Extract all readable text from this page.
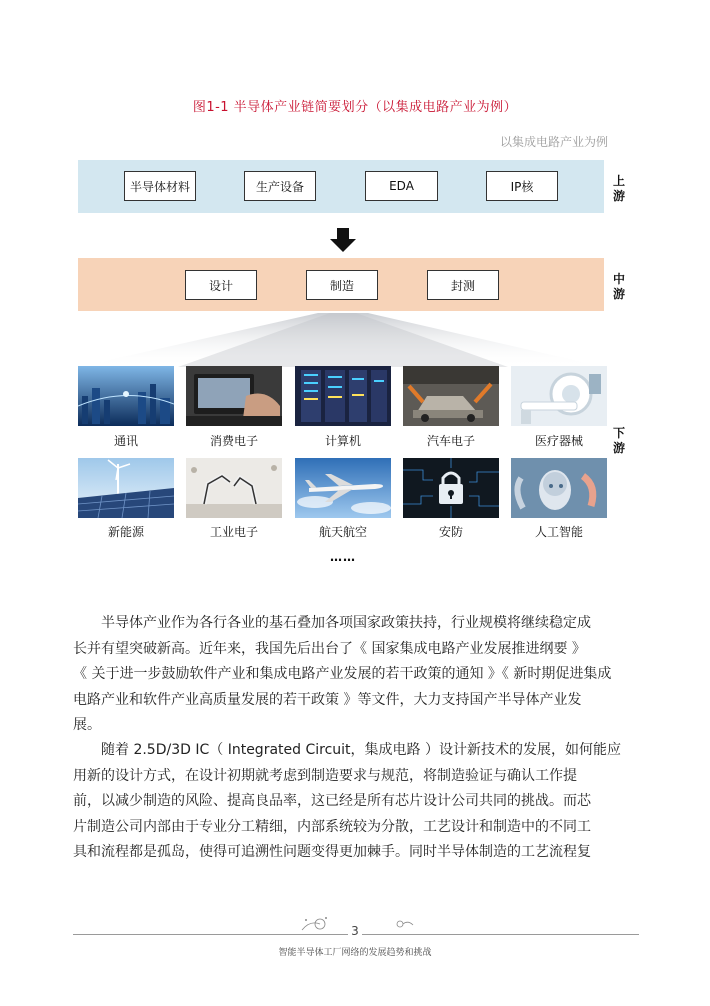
图1-1 半导体产业链简要划分（以集成电路产业为例）
以集成电路产业为例
半导体材料	生产设备	EDA	IP核	上游
设计	制造	封测	中游
通讯	消费电子	计算机	汽车电子	医疗器械
新能源	工业电子	航天航空	安防	人工智能
下游
……
半导体产业作为各行各业的基石叠加各项国家政策扶持，行业规模将继续稳定成
长并有望突破新高。近年来，我国先后出台了《 国家集成电路产业发展推进纲要 》
《 关于进一步鼓励软件产业和集成电路产业发展的若干政策的通知 》《 新时期促进集成
电路产业和软件产业高质量发展的若干政策 》等文件，大力支持国产半导体产业发
展。
随着 2.5D/3D IC（ Integrated Circuit，集成电路 ）设计新技术的发展，如何能应
用新的设计方式，在设计初期就考虑到制造要求与规范，将制造验证与确认工作提
前，以减少制造的风险、提高良品率，这已经是所有芯片设计公司共同的挑战。而芯
片制造公司内部由于专业分工精细，内部系统较为分散，工艺设计和制造中的不同工
具和流程都是孤岛，使得可追溯性问题变得更加棘手。同时半导体制造的工艺流程复
3
智能半导体工厂网络的发展趋势和挑战
